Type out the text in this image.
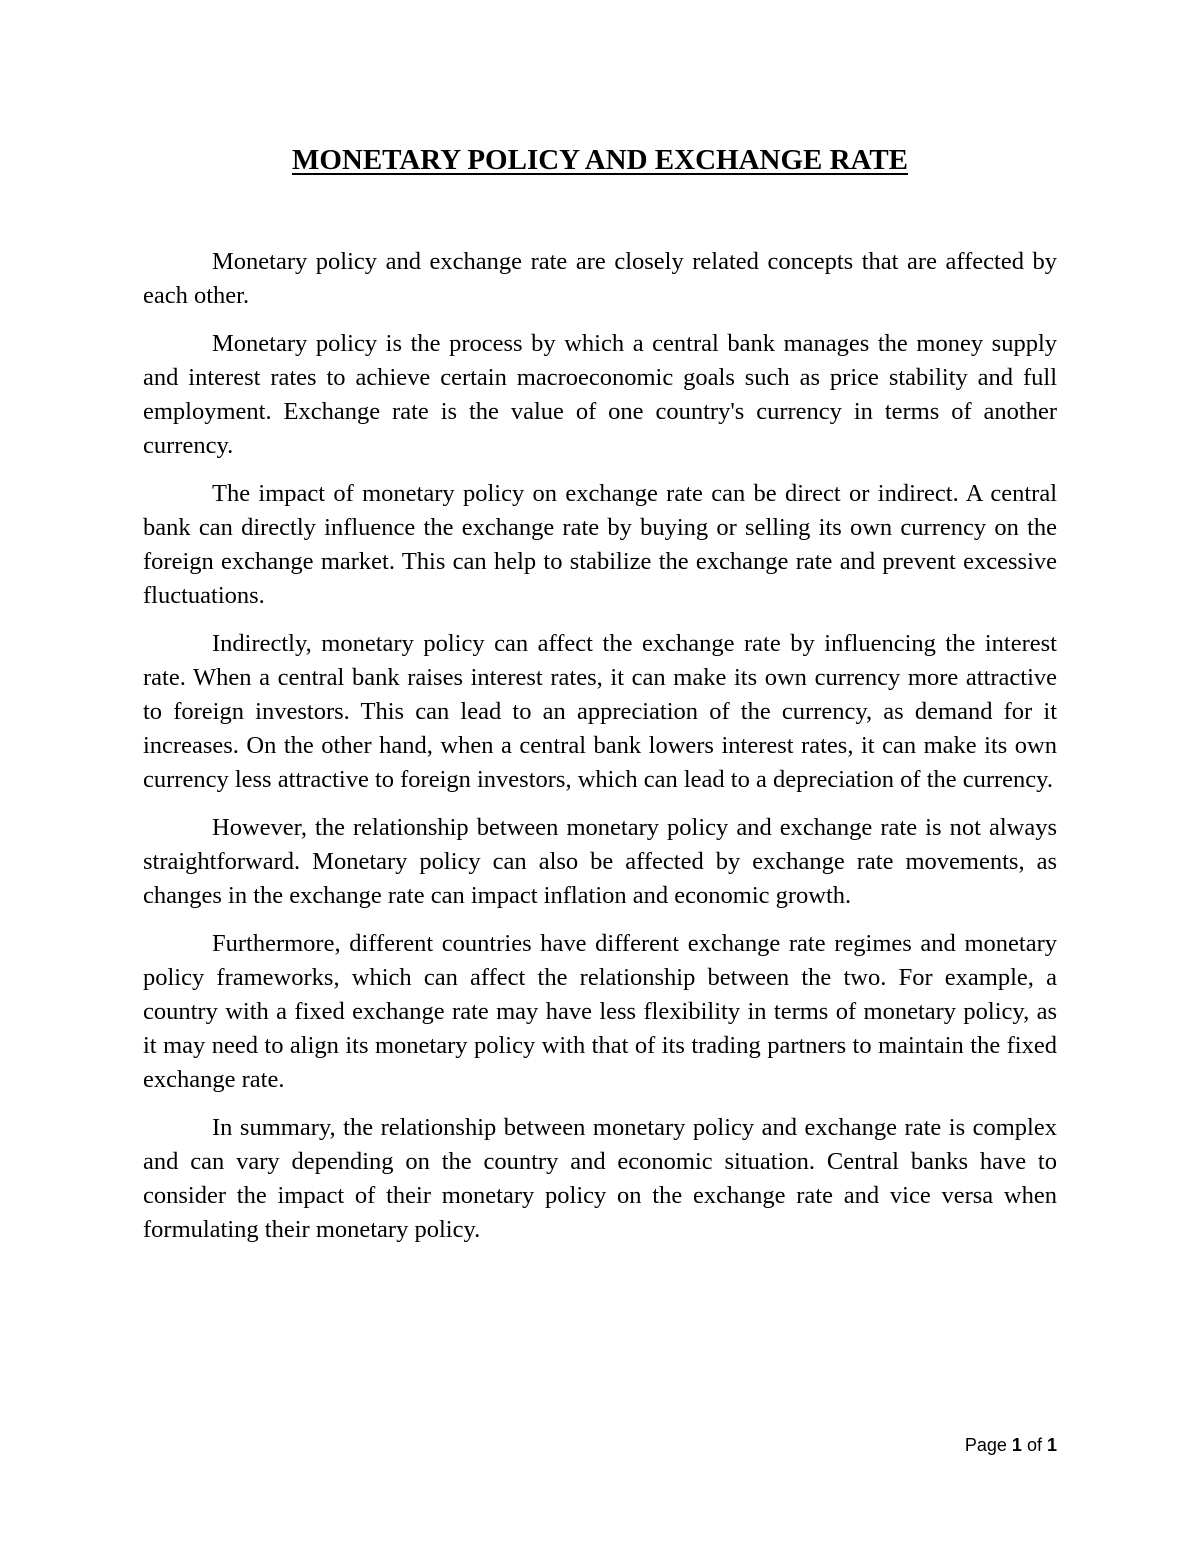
MONETARY POLICY AND EXCHANGE RATE

Monetary policy and exchange rate are closely related concepts that are affected by each other.

Monetary policy is the process by which a central bank manages the money supply and interest rates to achieve certain macroeconomic goals such as price stability and full employment. Exchange rate is the value of one country's currency in terms of another currency.

The impact of monetary policy on exchange rate can be direct or indirect. A central bank can directly influence the exchange rate by buying or selling its own currency on the foreign exchange market. This can help to stabilize the exchange rate and prevent excessive fluctuations.

Indirectly, monetary policy can affect the exchange rate by influencing the interest rate. When a central bank raises interest rates, it can make its own currency more attractive to foreign investors. This can lead to an appreciation of the currency, as demand for it increases. On the other hand, when a central bank lowers interest rates, it can make its own currency less attractive to foreign investors, which can lead to a depreciation of the currency.

However, the relationship between monetary policy and exchange rate is not always straightforward. Monetary policy can also be affected by exchange rate movements, as changes in the exchange rate can impact inflation and economic growth.

Furthermore, different countries have different exchange rate regimes and monetary policy frameworks, which can affect the relationship between the two. For example, a country with a fixed exchange rate may have less flexibility in terms of monetary policy, as it may need to align its monetary policy with that of its trading partners to maintain the fixed exchange rate.

In summary, the relationship between monetary policy and exchange rate is complex and can vary depending on the country and economic situation. Central banks have to consider the impact of their monetary policy on the exchange rate and vice versa when formulating their monetary policy.

Page 1 of 1
